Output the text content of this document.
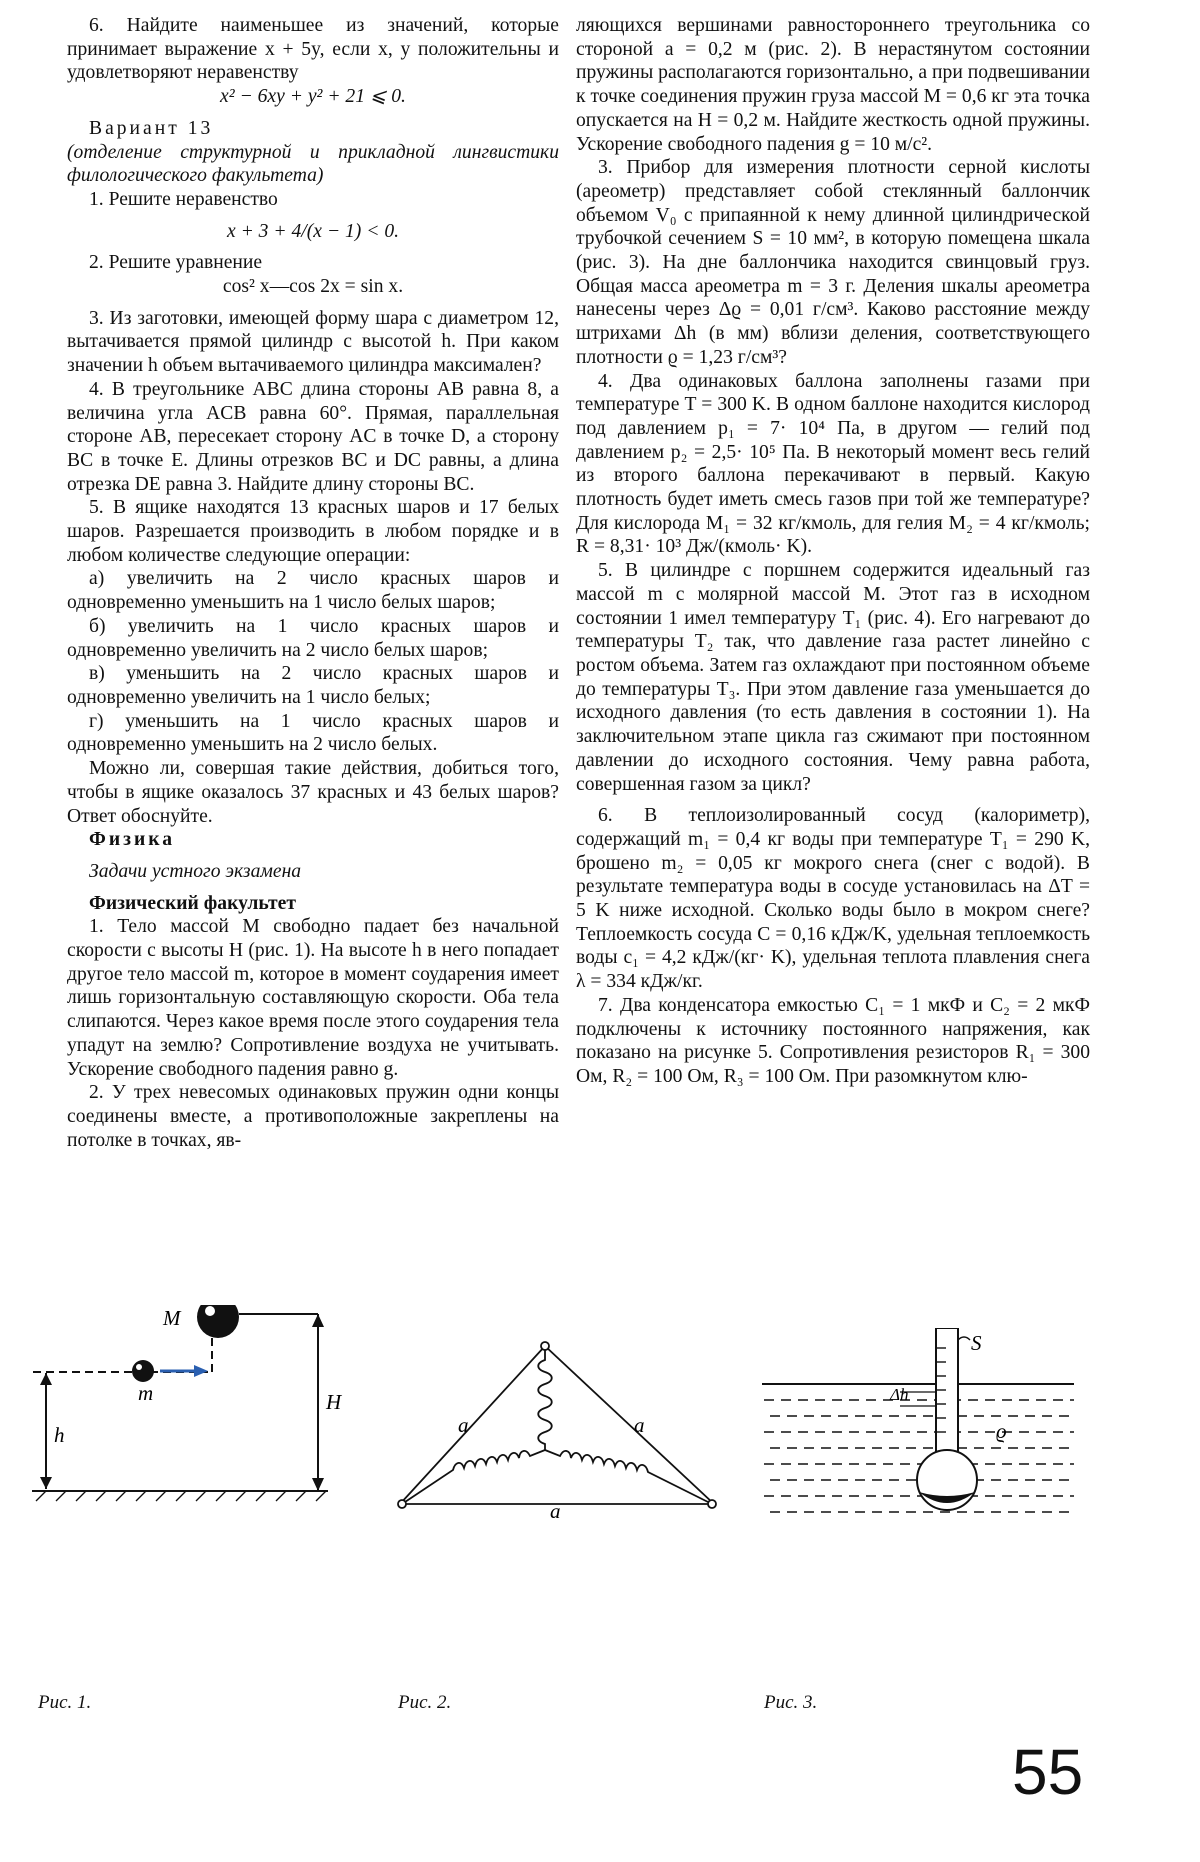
6. Найдите наименьшее из значений, которые принимает выражение x + 5y, если x, y положительны и удовлетворяют неравенству

x² − 6xy + y² + 21 ⩽ 0.

Вариант 13

(отделение структурной и прикладной лингвистики филологического факультета)

1. Решите неравенство

x + 3 + 4/(x − 1) < 0.

2. Решите уравнение

cos² x—cos 2x = sin x.

3. Из заготовки, имеющей форму шара с диаметром 12, вытачивается прямой цилиндр с высотой h. При каком значении h объем вытачиваемого цилиндра максимален?

4. В треугольнике ABC длина стороны AB равна 8, а величина угла ACB равна 60°. Прямая, параллельная стороне AB, пересекает сторону AC в точке D, а сторону BC в точке E. Длины отрезков BC и DC равны, а длина отрезка DE равна 3. Найдите длину стороны BC.

5. В ящике находятся 13 красных шаров и 17 белых шаров. Разрешается производить в любом порядке и в любом количестве следующие операции:

а) увеличить на 2 число красных шаров и одновременно уменьшить на 1 число белых шаров;

б) увеличить на 1 число красных шаров и одновременно увеличить на 2 число белых шаров;

в) уменьшить на 2 число красных шаров и одновременно увеличить на 1 число белых;

г) уменьшить на 1 число красных шаров и одновременно уменьшить на 2 число белых.

Можно ли, совершая такие действия, добиться того, чтобы в ящике оказалось 37 красных и 43 белых шаров? Ответ обоснуйте.

Физика

Задачи устного экзамена

Физический факультет

1. Тело массой M свободно падает без начальной скорости с высоты H (рис. 1). На высоте h в него попадает другое тело массой m, которое в момент соударения имеет лишь горизонтальную составляющую скорости. Оба тела слипаются. Через какое время после этого соударения тела упадут на землю? Сопротивление воздуха не учитывать. Ускорение свободного падения равно g.

2. У трех невесомых одинаковых пружин одни концы соединены вместе, а противоположные закреплены на потолке в точках, яв-

ляющихся вершинами равностороннего треугольника со стороной a = 0,2 м (рис. 2). В нерастянутом состоянии пружины располагаются горизонтально, а при подвешивании к точке соединения пружин груза массой M = 0,6 кг эта точка опускается на H = 0,2 м. Найдите жесткость одной пружины. Ускорение свободного падения g = 10 м/с².

3. Прибор для измерения плотности серной кислоты (ареометр) представляет собой стеклянный баллончик объемом V₀ с припаянной к нему длинной цилиндрической трубочкой сечением S = 10 мм², в которую помещена шкала (рис. 3). На дне баллончика находится свинцовый груз. Общая масса ареометра m = 3 г. Деления шкалы ареометра нанесены через Δϱ = 0,01 г/см³. Каково расстояние между штрихами Δh (в мм) вблизи деления, соответствующего плотности ϱ = 1,23 г/см³?

4. Два одинаковых баллона заполнены газами при температуре T = 300 K. В одном баллоне находится кислород под давлением p₁ = 7· 10⁴ Па, в другом — гелий под давлением p₂ = 2,5· 10⁵ Па. В некоторый момент весь гелий из второго баллона перекачивают в первый. Какую плотность будет иметь смесь газов при той же температуре? Для кислорода M₁ = 32 кг/кмоль, для гелия M₂ = 4 кг/кмоль; R = 8,31· 10³ Дж/(кмоль· K).

5. В цилиндре с поршнем содержится идеальный газ массой m с молярной массой M. Этот газ в исходном состоянии 1 имел температуру T₁ (рис. 4). Его нагревают до температуры T₂ так, что давление газа растет линейно с ростом объема. Затем газ охлаждают при постоянном объеме до температуры T₃. При этом давление газа уменьшается до исходного давления (то есть давления в состоянии 1). На заключительном этапе цикла газ сжимают при постоянном давлении до исходного состояния. Чему равна работа, совершенная газом за цикл?

6. В теплоизолированный сосуд (калориметр), содержащий m₁ = 0,4 кг воды при температуре T₁ = 290 K, брошено m₂ = 0,05 кг мокрого снега (снег с водой). В результате температура воды в сосуде установилась на ΔT = 5 K ниже исходной. Сколько воды было в мокром снеге? Теплоемкость сосуда C = 0,16 кДж/K, удельная теплоемкость воды c₁ = 4,2 кДж/(кг· K), удельная теплота плавления снега λ = 334 кДж/кг.

7. Два конденсатора емкостью C₁ = 1 мкФ и C₂ = 2 мкФ подключены к источнику постоянного напряжения, как показано на рисунке 5. Сопротивления резисторов R₁ = 300 Ом, R₂ = 100 Ом, R₃ = 100 Ом. При разомкнутом клю-

M
H
h
m
a	a
a
S
Δh
ϱ
Рис. 1.	Рис. 2.	Рис. 3.
55
